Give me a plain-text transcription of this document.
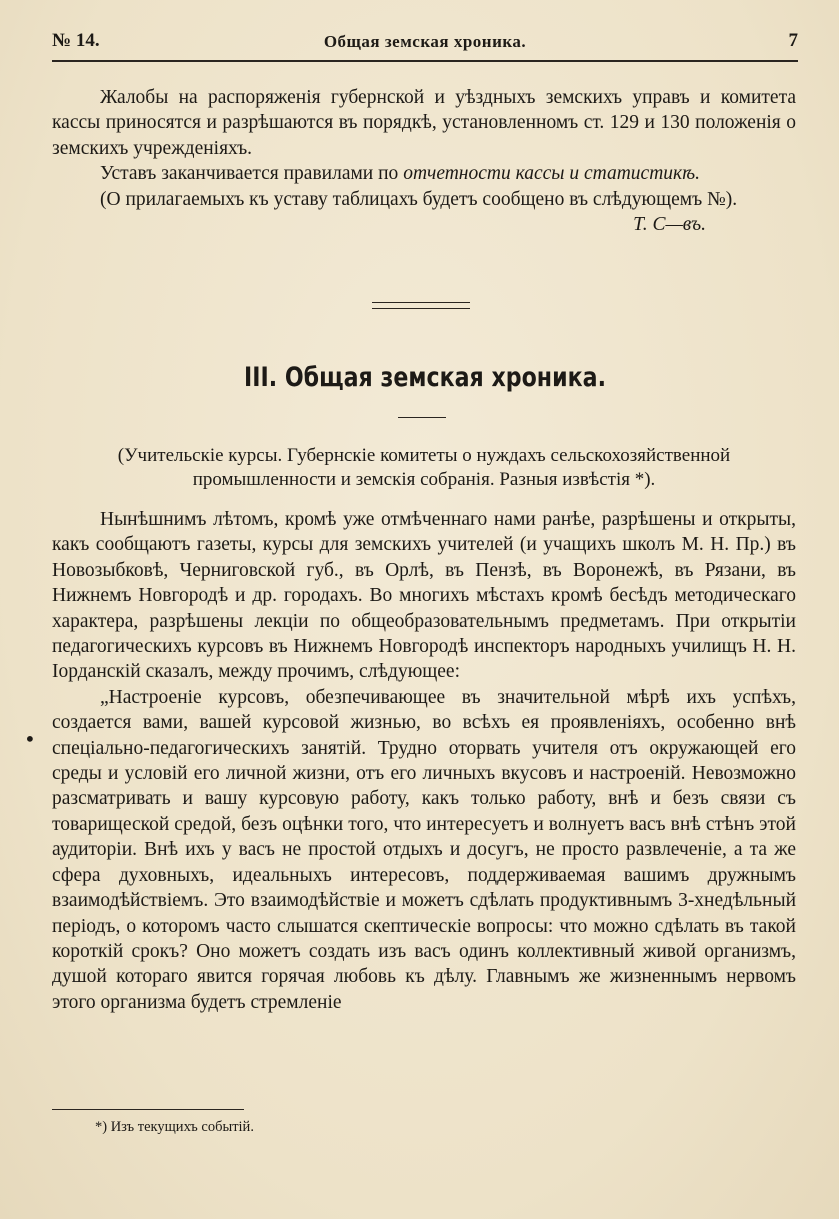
№ 14.	Общая земская хроника.	7

Жалобы на распоряженія губернской и уѣздныхъ земскихъ управъ и комитета кассы приносятся и разрѣшаются въ порядкѣ, установленномъ ст. 129 и 130 положенія о земскихъ учрежденіяхъ.

Уставъ заканчивается правилами по отчетности кассы и статистикѣ.

(О прилагаемыхъ къ уставу таблицахъ будетъ сообщено въ слѣдующемъ №).

Т. С—въ.

III. Общая земская хроника.
(Учительскіе курсы. Губернскіе комитеты о нуждахъ сельскохозяйственной промышленности и земскія собранія. Разныя извѣстія *).

Нынѣшнимъ лѣтомъ, кромѣ уже отмѣченнаго нами ранѣе, разрѣшены и открыты, какъ сообщаютъ газеты, курсы для земскихъ учителей (и учащихъ школъ М. Н. Пр.) въ Новозыбковѣ, Черниговской губ., въ Орлѣ, въ Пензѣ, въ Воронежѣ, въ Рязани, въ Нижнемъ Новгородѣ и др. городахъ. Во многихъ мѣстахъ кромѣ бесѣдъ методическаго характера, разрѣшены лекціи по общеобразовательнымъ предметамъ. При открытіи педагогическихъ курсовъ въ Нижнемъ Новгородѣ инспекторъ народныхъ училищъ Н. Н. Іорданскій сказалъ, между прочимъ, слѣдующее:

„Настроеніе курсовъ, обезпечивающее въ значительной мѣрѣ ихъ успѣхъ, создается вами, вашей курсовой жизнью, во всѣхъ ея проявленіяхъ, особенно внѣ спеціально-педагогическихъ занятій. Трудно оторвать учителя отъ окружающей его среды и условій его личной жизни, отъ его личныхъ вкусовъ и настроеній. Невозможно разсматривать и вашу курсовую работу, какъ только работу, внѣ и безъ связи съ товарищеской средой, безъ оцѣнки того, что интересуетъ и волнуетъ васъ внѣ стѣнъ этой аудиторіи. Внѣ ихъ у васъ не простой отдыхъ и досугъ, не просто развлеченіе, а та же сфера духовныхъ, идеальныхъ интересовъ, поддерживаемая вашимъ дружнымъ взаимодѣйствіемъ. Это взаимодѣйствіе и можетъ сдѣлать продуктивнымъ 3-хнедѣльный періодъ, о которомъ часто слышатся скептическіе вопросы: что можно сдѣлать въ такой короткій срокъ? Оно можетъ создать изъ васъ одинъ коллективный живой организмъ, душой котораго явится горячая любовь къ дѣлу. Главнымъ же жизненнымъ нервомъ этого организма будетъ стремленіе

•
*) Изъ текущихъ событій.
